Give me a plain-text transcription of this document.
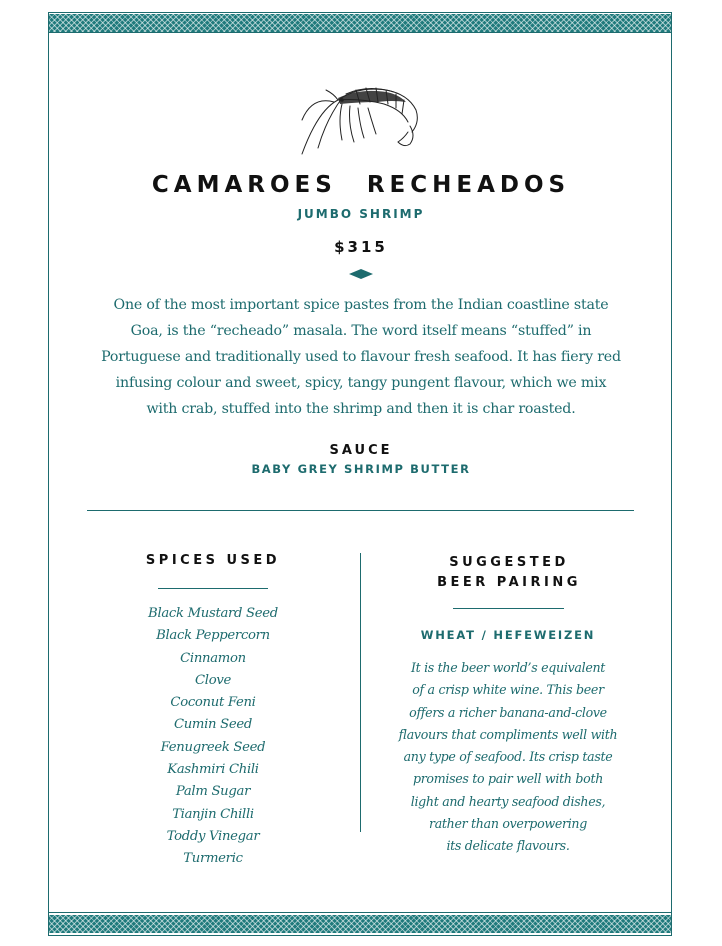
CAMAROES RECHEADOS
JUMBO SHRIMP
$315
One of the most important spice pastes from the Indian coastline state
Goa, is the “recheado” masala. The word itself means “stuffed” in
Portuguese and traditionally used to flavour fresh seafood. It has fiery red
infusing colour and sweet, spicy, tangy pungent flavour, which we mix
with crab, stuffed into the shrimp and then it is char roasted.
SAUCE
BABY GREY SHRIMP BUTTER
SPICES USED
Black Mustard Seed
Black Peppercorn
Cinnamon
Clove
Coconut Feni
Cumin Seed
Fenugreek Seed
Kashmiri Chili
Palm Sugar
Tianjin Chilli
Toddy Vinegar
Turmeric
SUGGESTED
BEER PAIRING
WHEAT / HEFEWEIZEN
It is the beer world’s equivalent
of a crisp white wine. This beer
offers a richer banana-and-clove
flavours that compliments well with
any type of seafood. Its crisp taste
promises to pair well with both
light and hearty seafood dishes,
rather than overpowering
its delicate flavours.
